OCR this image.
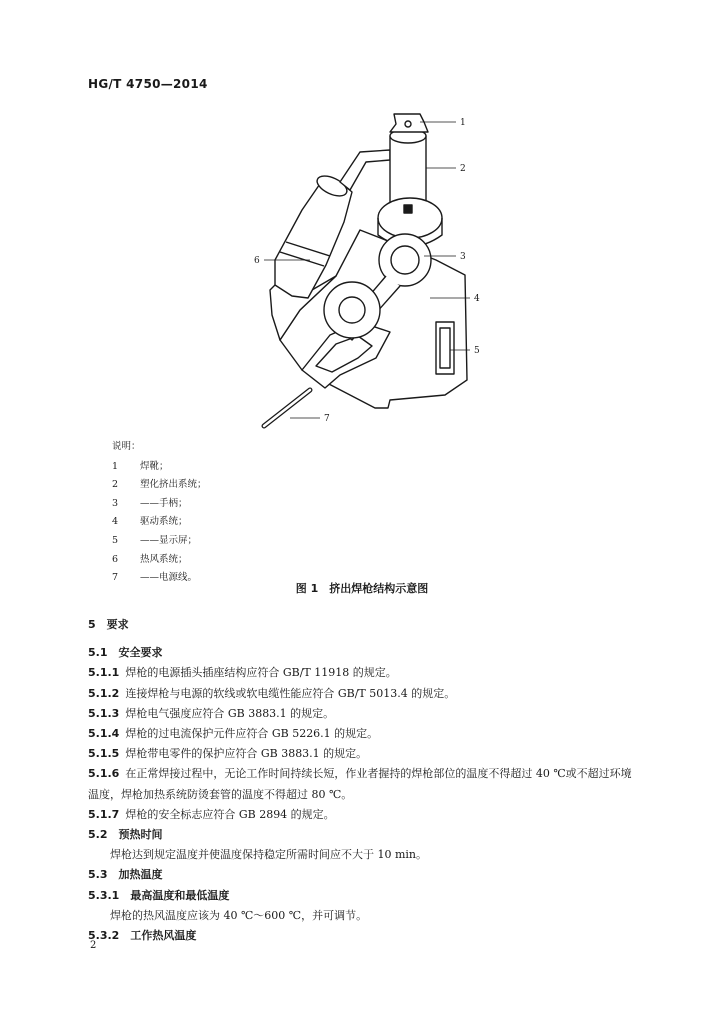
HG/T 4750—2014
1
2
3
4
5
6
7
说明：
1	焊靴；
2	塑化挤出系统；
3	—— 手柄；
4	驱动系统；
5	—— 显示屏；
6	热风系统；
7	—— 电源线。
图 1　挤出焊枪结构示意图
5　要求
5.1　安全要求
5.1.1 焊枪的电源插头插座结构应符合 GB/T 11918 的规定。
5.1.2 连接焊枪与电源的软线或软电缆性能应符合 GB/T 5013.4 的规定。
5.1.3 焊枪电气强度应符合 GB 3883.1 的规定。
5.1.4 焊枪的过电流保护元件应符合 GB 5226.1 的规定。
5.1.5 焊枪带电零件的保护应符合 GB 3883.1 的规定。
5.1.6 在正常焊接过程中，无论工作时间持续长短，作业者握持的焊枪部位的温度不得超过 40 ℃或不超过环境温度，焊枪加热系统防烫套管的温度不得超过 80 ℃。
5.1.7 焊枪的安全标志应符合 GB 2894 的规定。
5.2　预热时间
焊枪达到规定温度并使温度保持稳定所需时间应不大于 10 min。
5.3　加热温度
5.3.1　最高温度和最低温度
焊枪的热风温度应该为 40 ℃～600 ℃，并可调节。
5.3.2　工作热风温度
2
